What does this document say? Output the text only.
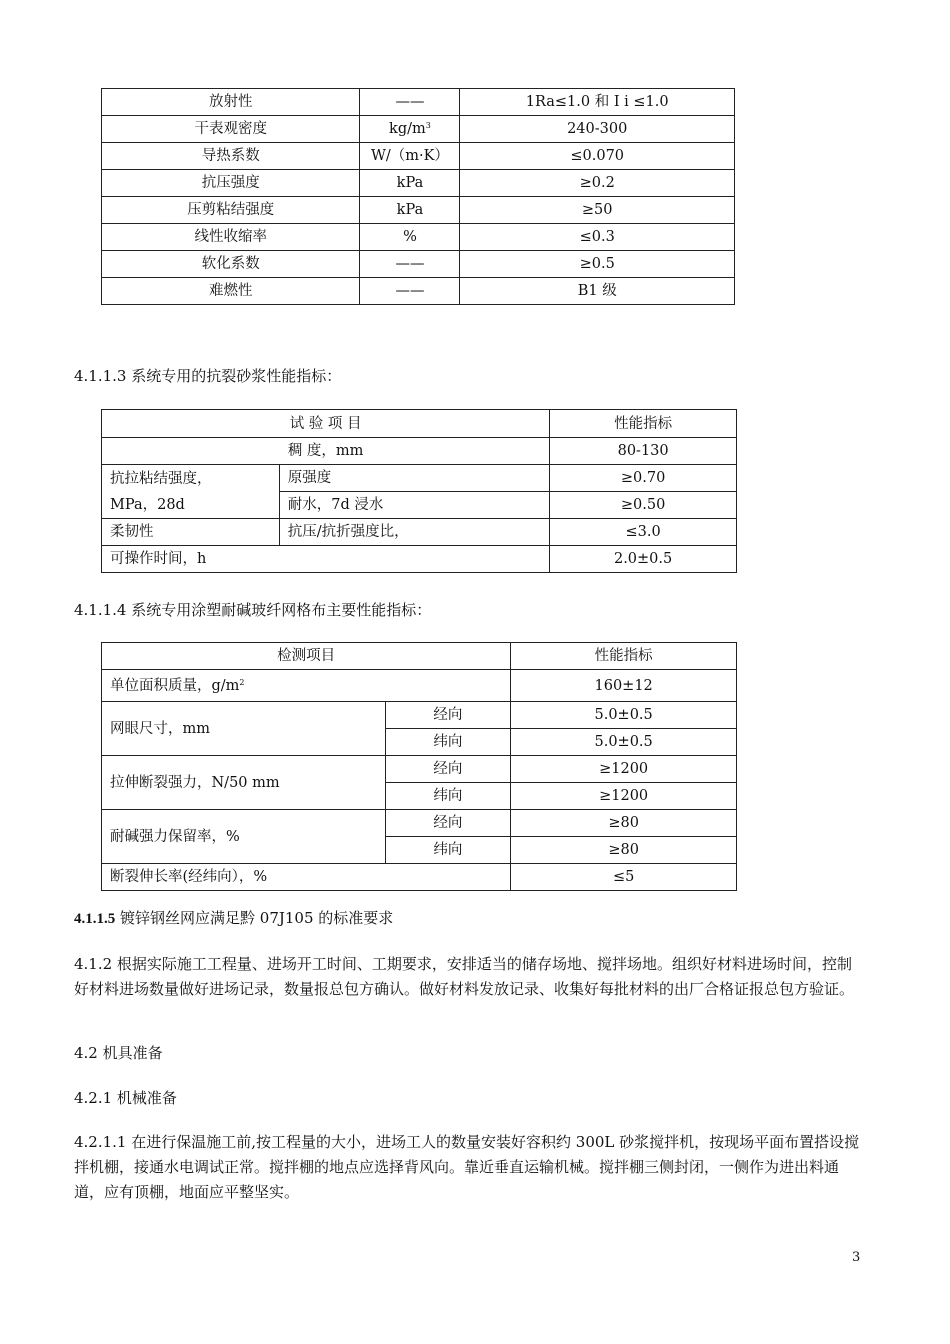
放射性	——	1Ra≤1.0 和 I i ≤1.0
干表观密度	$kg/m^3$	240-300
导热系数	W/（m·K）	≤0.070
抗压强度	kPa	≥0.2
压剪粘结强度	kPa	≥50
线性收缩率	%	≤0.3
软化系数	——	≥0.5
难燃性	——	B1 级

4.1.1.3 系统专用的抗裂砂浆性能指标：

试 验 项 目		性能指标
稠 度，mm		80-130
抗拉粘结强度，
MPa，28d	原强度	≥0.70
	耐水，7d 浸水	≥0.50
柔韧性	抗压/抗折强度比，	≤3.0
可操作时间，h		2.0±0.5

4.1.1.4 系统专用涂塑耐碱玻纤网格布主要性能指标：

检测项目		性能指标
单位面积质量，$g/m^2$		160±12
网眼尺寸，mm	经向	5.0±0.5
	纬向	5.0±0.5
拉伸断裂强力，N/50 mm	经向	≥1200
	纬向	≥1200
耐碱强力保留率，%	经向	≥80
	纬向	≥80
断裂伸长率(经纬向），%		≤5

4.1.1.5 镀锌钢丝网应满足黔 07J105 的标准要求

4.1.2 根据实际施工工程量、进场开工时间、工期要求，安排适当的储存场地、搅拌场地。组织好材料进场时间，控制好材料进场数量做好进场记录，数量报总包方确认。做好材料发放记录、收集好每批材料的出厂合格证报总包方验证。

4.2 机具准备

4.2.1 机械准备

4.2.1.1 在进行保温施工前,按工程量的大小，进场工人的数量安装好容积约 300L 砂浆搅拌机，按现场平面布置搭设搅拌机棚，接通水电调试正常。搅拌棚的地点应选择背风向。靠近垂直运输机械。搅拌棚三侧封闭，一侧作为进出料通道，应有顶棚，地面应平整坚实。

3
